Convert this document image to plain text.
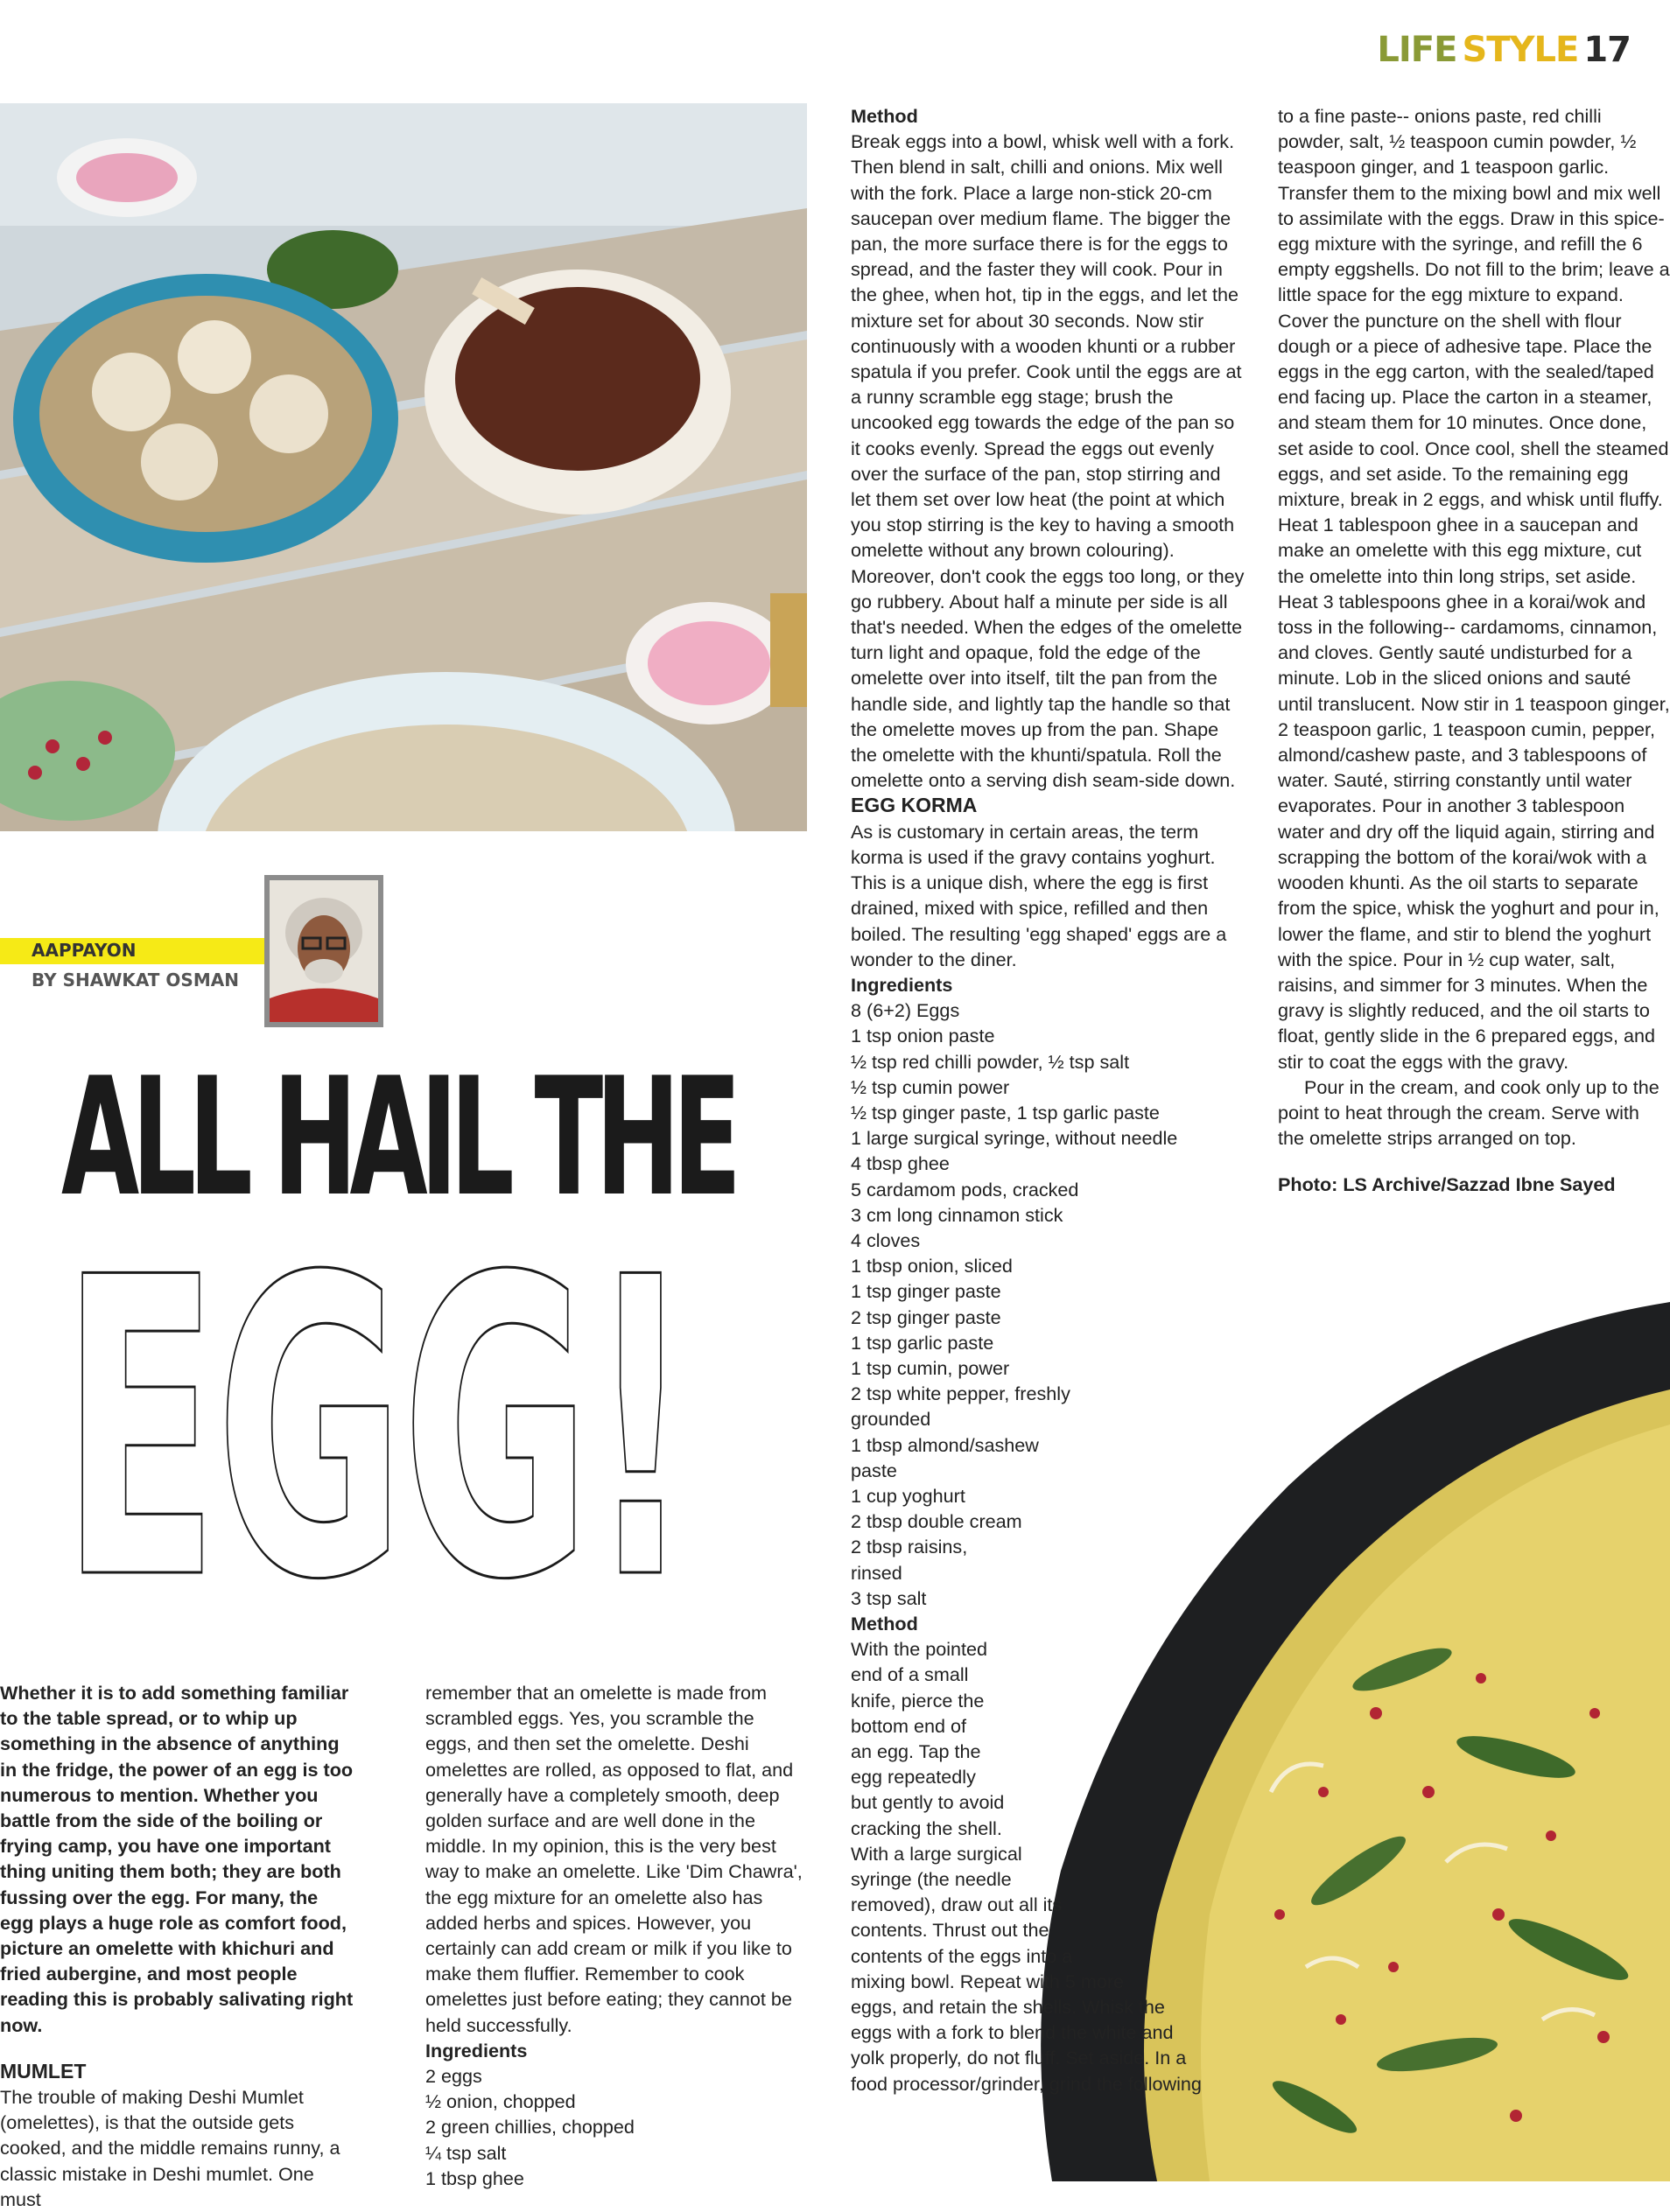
LIFE STYLE 17
AAPPAYON
BY SHAWKAT OSMAN
ALL HAIL THE
EGG!

Whether it is to add something familiar to the table spread, or to whip up something in the absence of anything in the fridge, the power of an egg is too numerous to mention. Whether you battle from the side of the boiling or frying camp, you have one important thing uniting them both; they are both fussing over the egg. For many, the egg plays a huge role as comfort food, picture an omelette with khichuri and fried aubergine, and most people reading this is probably salivating right now.

MUMLET

The trouble of making Deshi Mumlet (omelettes), is that the outside gets cooked, and the middle remains runny, a classic mistake in Deshi mumlet. One must

remember that an omelette is made from scrambled eggs. Yes, you scramble the eggs, and then set the omelette. Deshi omelettes are rolled, as opposed to flat, and generally have a completely smooth, deep golden surface and are well done in the middle. In my opinion, this is the very best way to make an omelette. Like 'Dim Chawra', the egg mixture for an omelette also has added herbs and spices. However, you certainly can add cream or milk if you like to make them fluffier. Remember to cook omelettes just before eating; they cannot be held successfully.

Ingredients

2 eggs

½ onion, chopped

2 green chillies, chopped

¼ tsp salt

1 tbsp ghee

Method

Break eggs into a bowl, whisk well with a fork. Then blend in salt, chilli and onions. Mix well with the fork. Place a large non-stick 20-cm saucepan over medium flame. The bigger the pan, the more surface there is for the eggs to spread, and the faster they will cook. Pour in the ghee, when hot, tip in the eggs, and let the mixture set for about 30 seconds. Now stir continuously with a wooden khunti or a rubber spatula if you prefer. Cook until the eggs are at a runny scramble egg stage; brush the uncooked egg towards the edge of the pan so it cooks evenly. Spread the eggs out evenly over the surface of the pan, stop stirring and let them set over low heat (the point at which you stop stirring is the key to having a smooth omelette without any brown colouring). Moreover, don't cook the eggs too long, or they go rubbery. About half a minute per side is all that's needed. When the edges of the omelette turn light and opaque, fold the edge of the omelette over into itself, tilt the pan from the handle side, and lightly tap the handle so that the omelette moves up from the pan. Shape the omelette with the khunti/spatula. Roll the omelette onto a serving dish seam-side down.

EGG KORMA

As is customary in certain areas, the term korma is used if the gravy contains yoghurt. This is a unique dish, where the egg is first drained, mixed with spice, refilled and then boiled. The resulting 'egg shaped' eggs are a wonder to the diner.

Ingredients

8 (6+2) Eggs

1 tsp onion paste

½ tsp red chilli powder, ½ tsp salt

½ tsp cumin power

½ tsp ginger paste, 1 tsp garlic paste

1 large surgical syringe, without needle

4 tbsp ghee

5 cardamom pods, cracked

3 cm long cinnamon stick

4 cloves

1 tbsp onion, sliced

1 tsp ginger paste

2 tsp ginger paste

1 tsp garlic paste

1 tsp cumin, power

2 tsp white pepper, freshly

grounded

1 tbsp almond/sashew

paste

1 cup yoghurt

2 tbsp double cream

2 tbsp raisins,

rinsed

3 tsp salt

Method

With the pointed

end of a small

knife, pierce the

bottom end of

an egg. Tap the

egg repeatedly

but gently to avoid

cracking the shell.

With a large surgical

syringe (the needle

removed), draw out all its

contents. Thrust out the

contents of the eggs into a

mixing bowl. Repeat with 5 more

eggs, and retain the shells. Whisk the

eggs with a fork to blend the white and

yolk properly, do not fluff. Set aside. In a

food processor/grinder, grind the following

to a fine paste-- onions paste, red chilli powder, salt, ½ teaspoon cumin powder, ½ teaspoon ginger, and 1 teaspoon garlic. Transfer them to the mixing bowl and mix well to assimilate with the eggs. Draw in this spice-egg mixture with the syringe, and refill the 6 empty eggshells. Do not fill to the brim; leave a little space for the egg mixture to expand. Cover the puncture on the shell with flour dough or a piece of adhesive tape. Place the eggs in the egg carton, with the sealed/taped end facing up. Place the carton in a steamer, and steam them for 10 minutes. Once done, set aside to cool. Once cool, shell the steamed eggs, and set aside. To the remaining egg mixture, break in 2 eggs, and whisk until fluffy. Heat 1 tablespoon ghee in a saucepan and make an omelette with this egg mixture, cut the omelette into thin long strips, set aside. Heat 3 tablespoons ghee in a korai/wok and toss in the following-- cardamoms, cinnamon, and cloves. Gently sauté undisturbed for a minute. Lob in the sliced onions and sauté until translucent. Now stir in 1 teaspoon ginger, 2 teaspoon garlic, 1 teaspoon cumin, pepper, almond/cashew paste, and 3 tablespoons of water. Sauté, stirring constantly until water evaporates. Pour in another 3 tablespoon water and dry off the liquid again, stirring and scrapping the bottom of the korai/wok with a wooden khunti. As the oil starts to separate from the spice, whisk the yoghurt and pour in, lower the flame, and stir to blend the yoghurt with the spice. Pour in ½ cup water, salt, raisins, and simmer for 3 minutes. When the gravy is slightly reduced, and the oil starts to float, gently slide in the 6 prepared eggs, and stir to coat the eggs with the gravy.

Pour in the cream, and cook only up to the point to heat through the cream. Serve with the omelette strips arranged on top.

Photo: LS Archive/Sazzad Ibne Sayed
